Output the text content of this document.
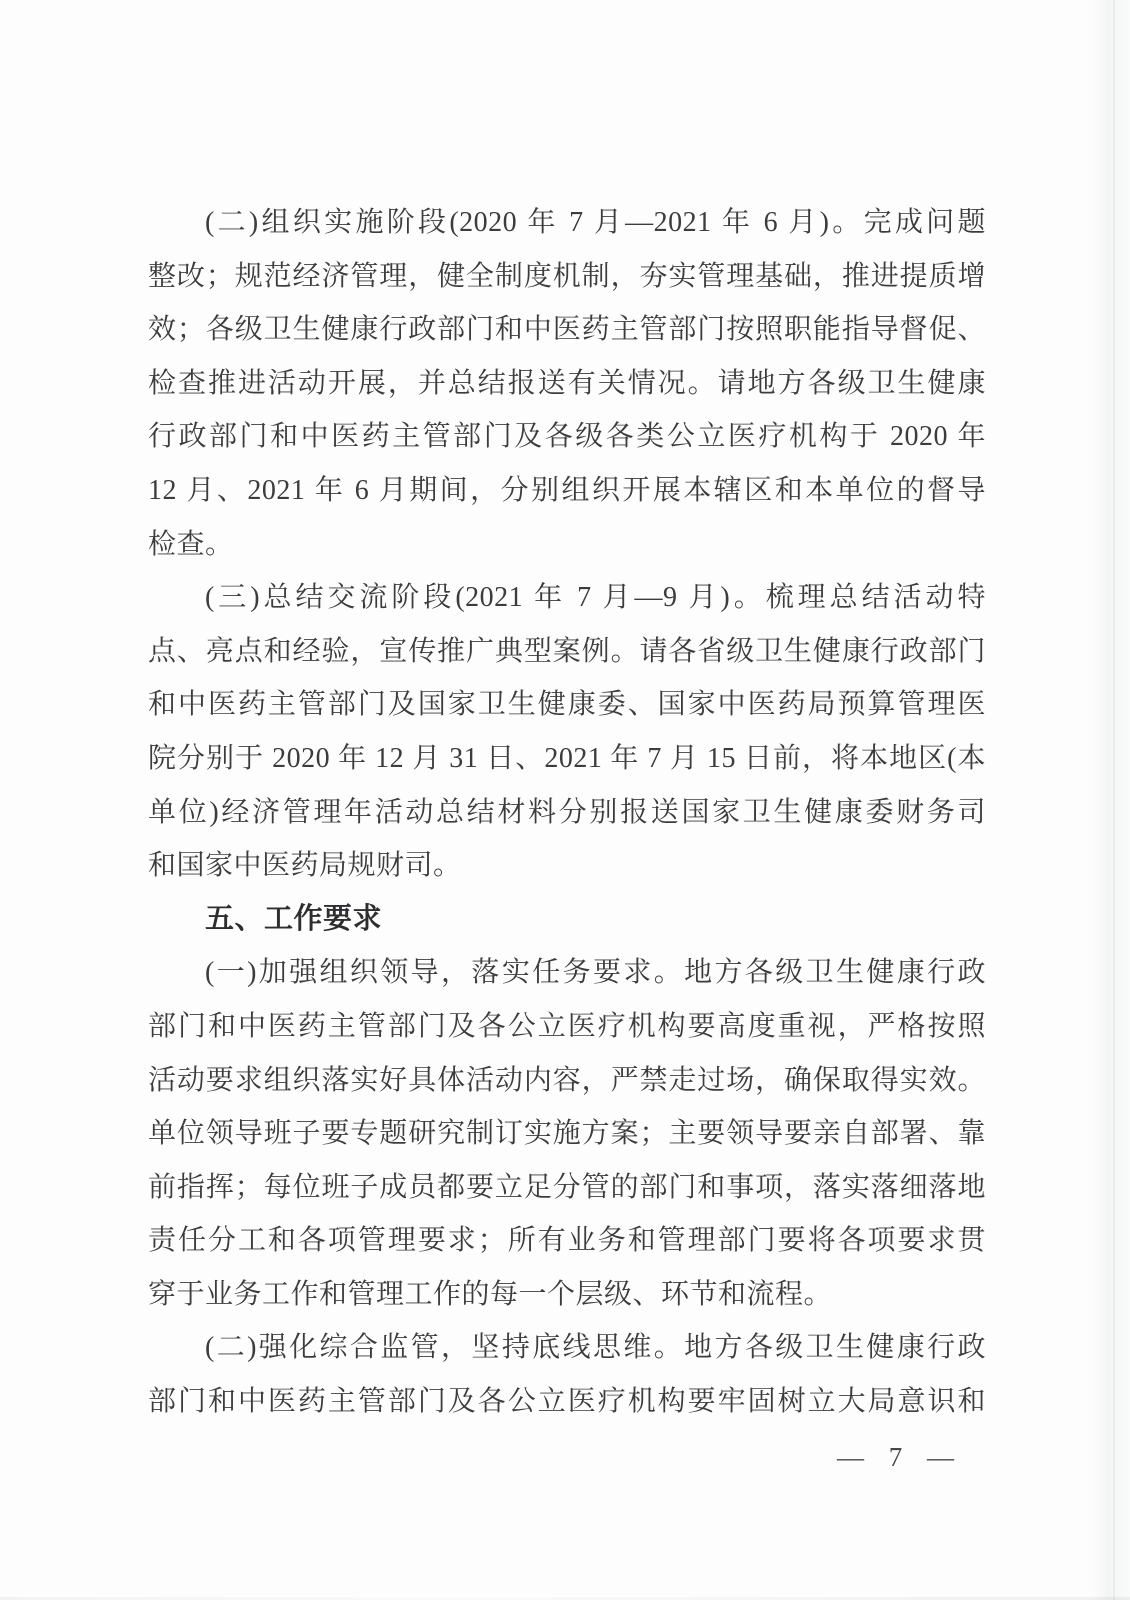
(二)组织实施阶段(2020 年 7 月—2021 年 6 月)。完成问题
整改；规范经济管理，健全制度机制，夯实管理基础，推进提质增
效；各级卫生健康行政部门和中医药主管部门按照职能指导督促、
检查推进活动开展，并总结报送有关情况。请地方各级卫生健康
行政部门和中医药主管部门及各级各类公立医疗机构于 2020 年
12 月、2021 年 6 月期间，分别组织开展本辖区和本单位的督导
检查。
(三)总结交流阶段(2021 年 7 月—9 月)。梳理总结活动特
点、亮点和经验，宣传推广典型案例。请各省级卫生健康行政部门
和中医药主管部门及国家卫生健康委、国家中医药局预算管理医
院分别于 2020 年 12 月 31 日、2021 年 7 月 15 日前，将本地区(本
单位)经济管理年活动总结材料分别报送国家卫生健康委财务司
和国家中医药局规财司。
五、工作要求
(一)加强组织领导，落实任务要求。地方各级卫生健康行政
部门和中医药主管部门及各公立医疗机构要高度重视，严格按照
活动要求组织落实好具体活动内容，严禁走过场，确保取得实效。
单位领导班子要专题研究制订实施方案；主要领导要亲自部署、靠
前指挥；每位班子成员都要立足分管的部门和事项，落实落细落地
责任分工和各项管理要求；所有业务和管理部门要将各项要求贯
穿于业务工作和管理工作的每一个层级、环节和流程。
(二)强化综合监管，坚持底线思维。地方各级卫生健康行政
部门和中医药主管部门及各公立医疗机构要牢固树立大局意识和
— 7 —
